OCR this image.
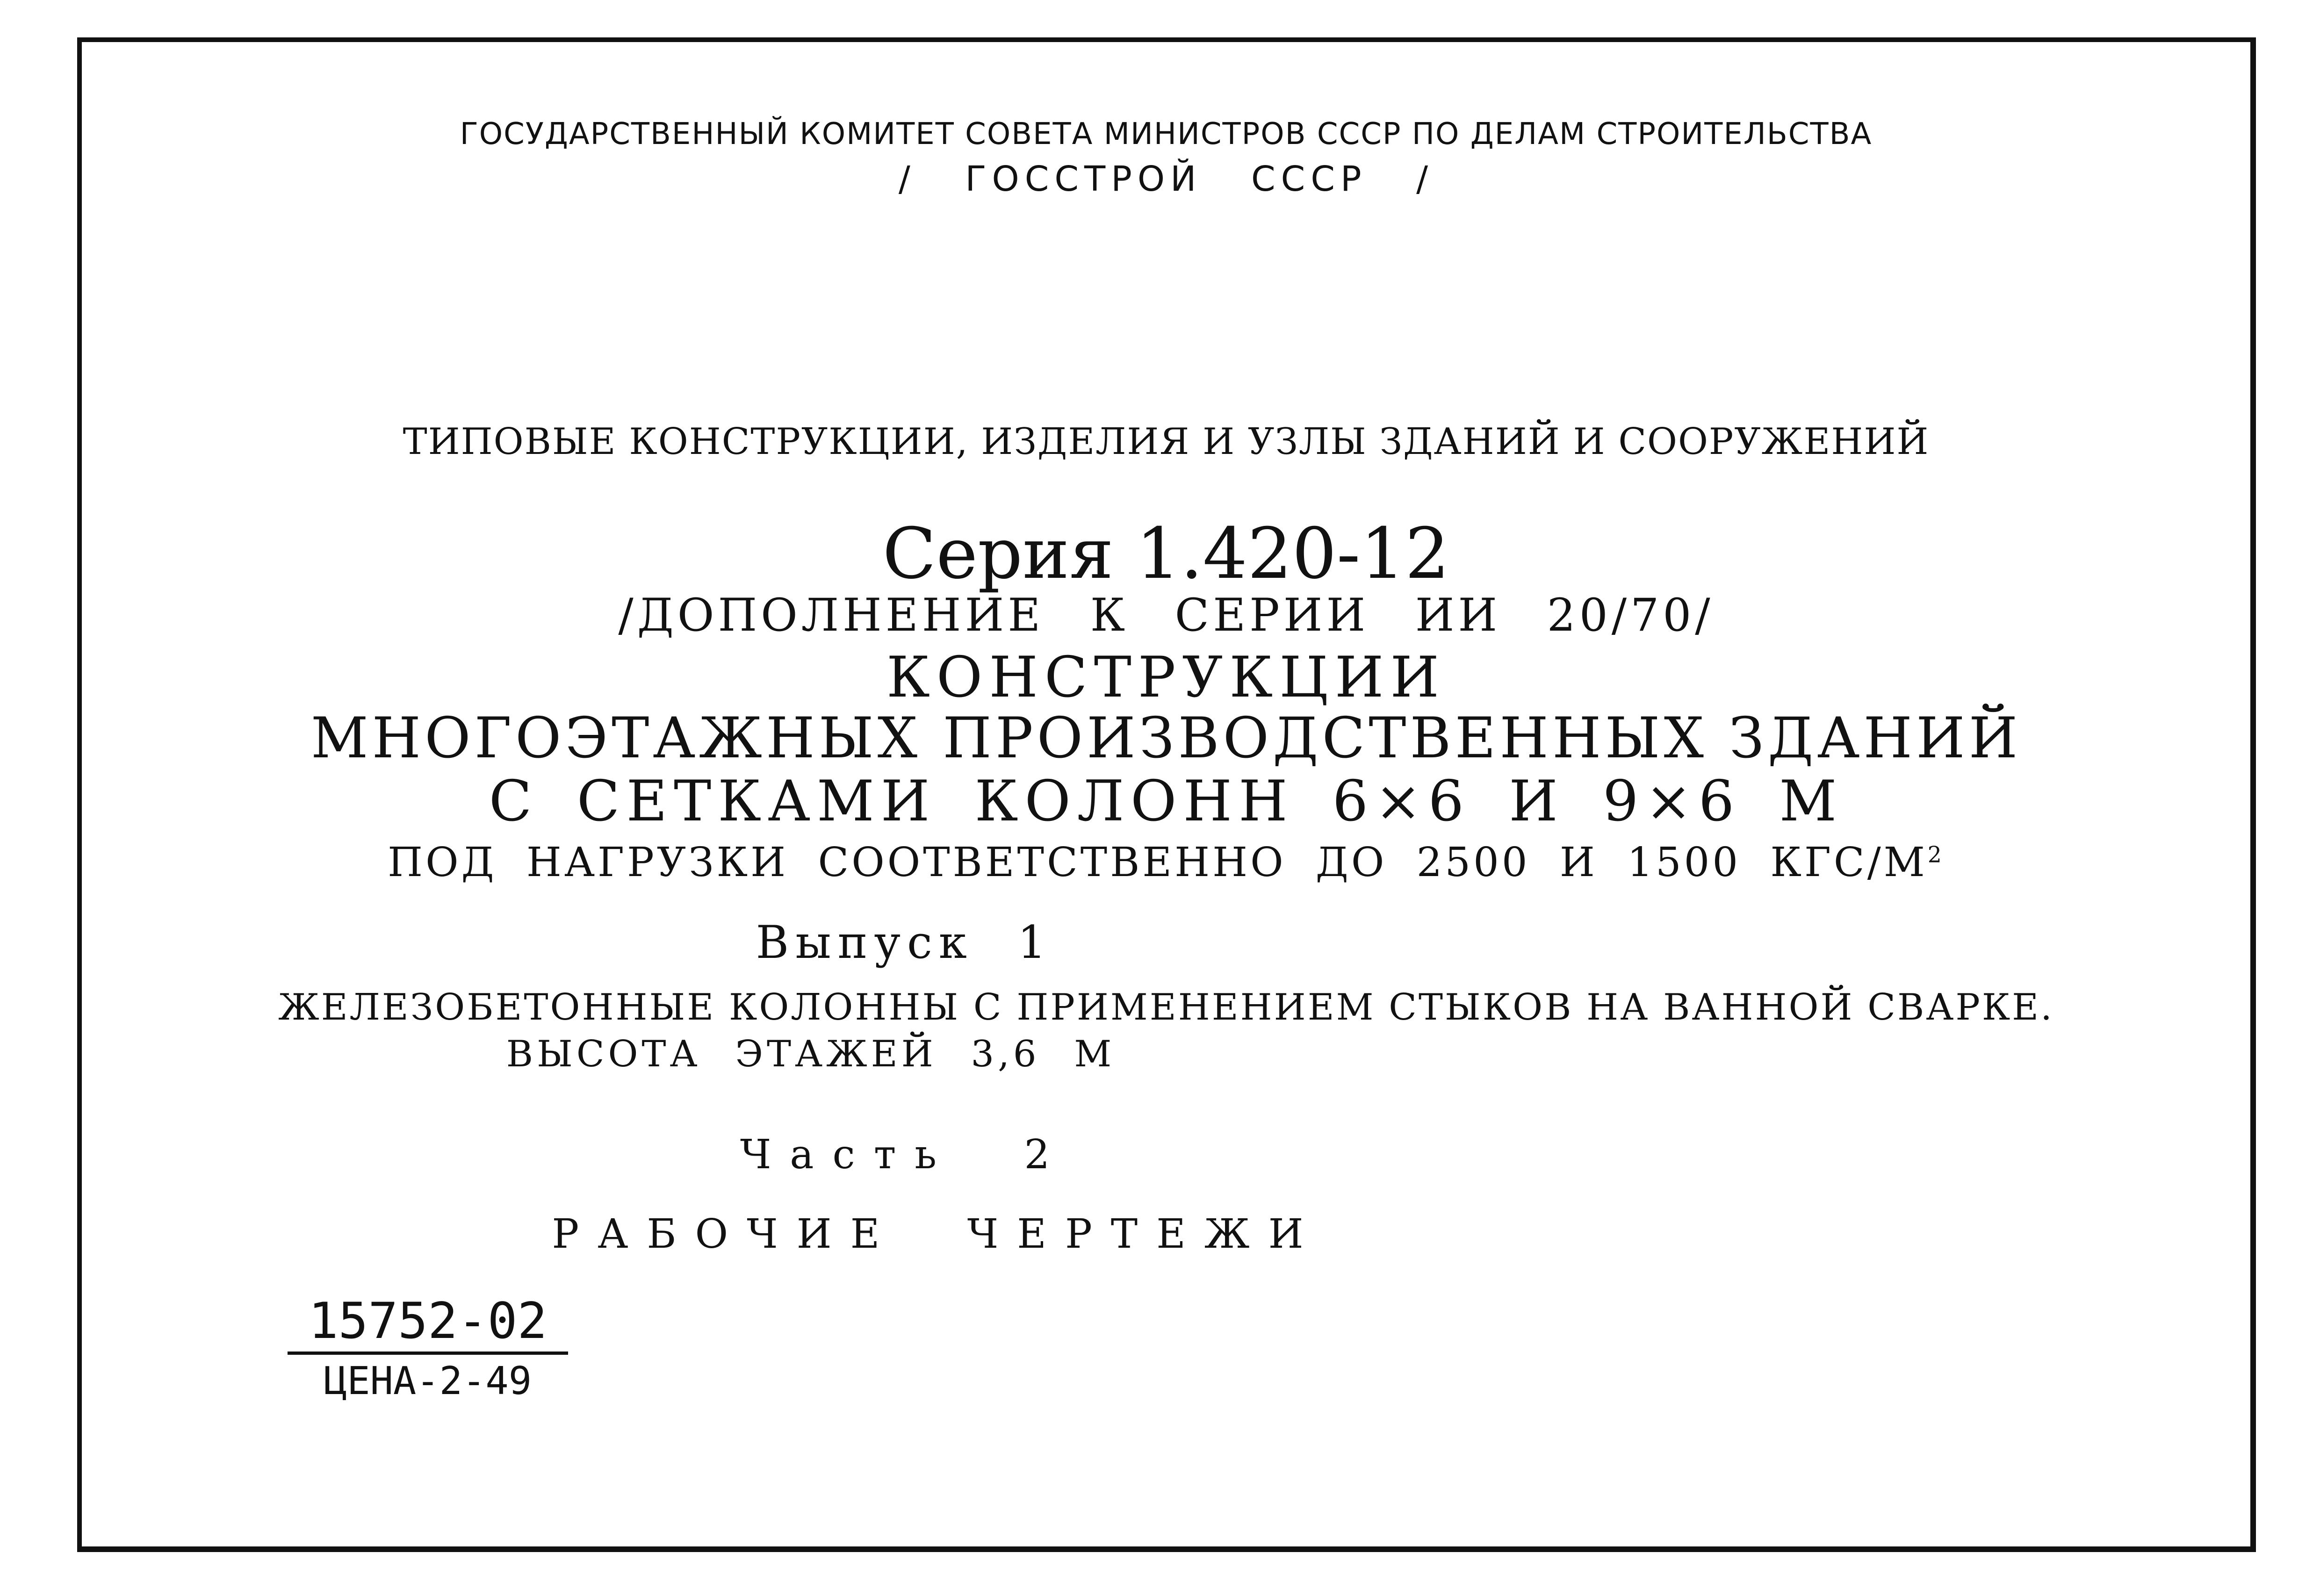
ГОСУДАРСТВЕННЫЙ КОМИТЕТ СОВЕТА МИНИСТРОВ СССР ПО ДЕЛАМ СТРОИТЕЛЬСТВА
/ ГОССТРОЙ СССР /
ТИПОВЫЕ КОНСТРУКЦИИ, ИЗДЕЛИЯ И УЗЛЫ ЗДАНИЙ И СООРУЖЕНИЙ
Серия 1.420-12
/ДОПОЛНЕНИЕ К СЕРИИ ИИ 20/70/
КОНСТРУКЦИИ
МНОГОЭТАЖНЫХ ПРОИЗВОДСТВЕННЫХ ЗДАНИЙ
С СЕТКАМИ КОЛОНН 6×6 И 9×6 М
ПОД НАГРУЗКИ СООТВЕТСТВЕННО ДО 2500 И 1500 КГС/$М^2$
Выпуск 1
ЖЕЛЕЗОБЕТОННЫЕ КОЛОННЫ С ПРИМЕНЕНИЕМ СТЫКОВ НА ВАННОЙ СВАРКЕ.
ВЫСОТА ЭТАЖЕЙ 3,6 М
Часть 2
РАБОЧИЕ ЧЕРТЕЖИ
15752-02
ЦЕНА-2-49
